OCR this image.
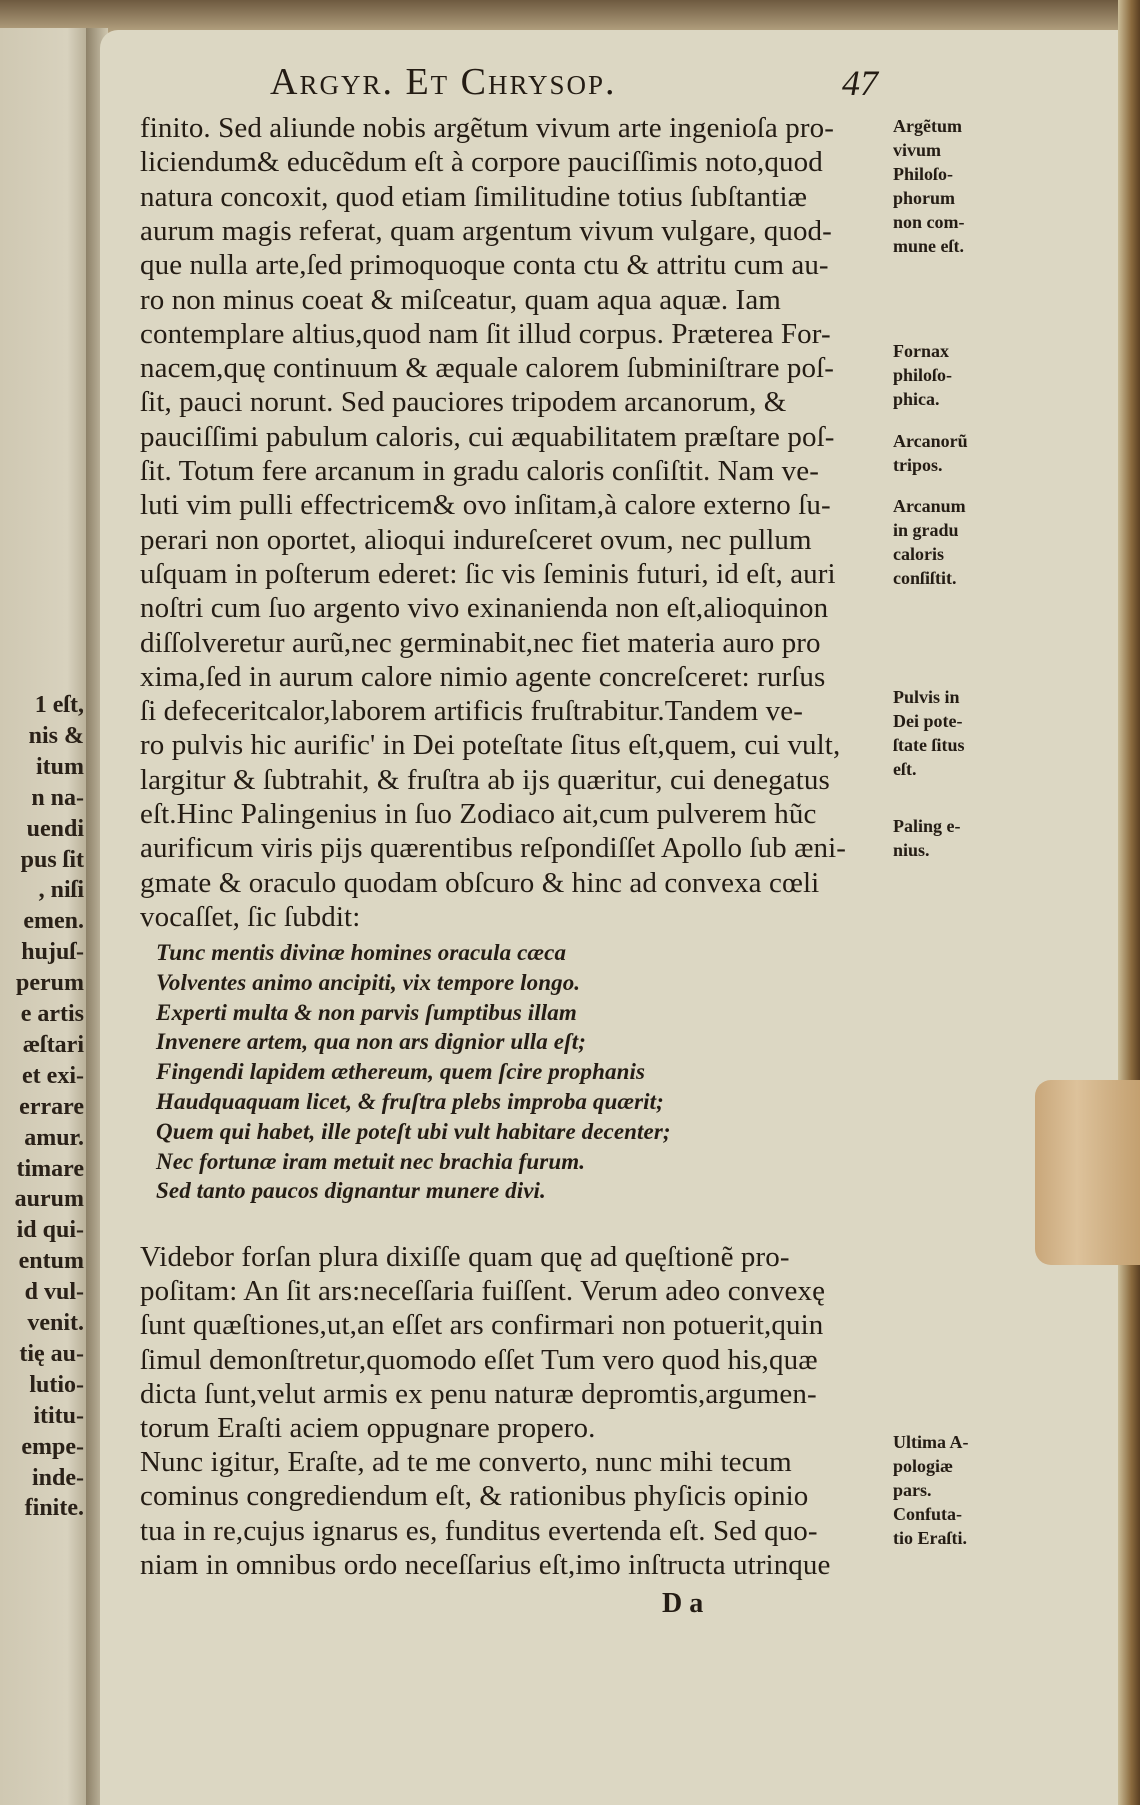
1 eſt,
nis &
itum
n na-
uendi
pus ſit
, niſi
emen.
hujuſ-
perum
e artis
æſtari
et exi-
errare
amur.
timare
aurum
id qui-
entum
d vul-
venit.
tię au-
lutio-
ititu-
empe-
inde-
finite.
Argyr. Et Chrysop.	47
finito. Sed aliunde nobis argẽtum vivum arte ingenioſa pro-
liciendum& educẽdum eſt à corpore pauciſſimis noto,quod
natura concoxit, quod etiam ſimilitudine totius ſubſtantiæ
aurum magis referat, quam argentum vivum vulgare, quod-
que nulla arte,ſed primoquoque conta ctu & attritu cum au-
ro non minus coeat & miſceatur, quam aqua aquæ. Iam
contemplare altius,quod nam ſit illud corpus. Præterea For-
nacem,quę continuum & æquale calorem ſubminiſtrare poſ-
ſit, pauci norunt. Sed pauciores tripodem arcanorum, &
pauciſſimi pabulum caloris, cui æquabilitatem præſtare poſ-
ſit. Totum fere arcanum in gradu caloris conſiſtit. Nam ve-
luti vim pulli effectricem& ovo inſitam,à calore externo ſu-
perari non oportet, alioqui indureſceret ovum, nec pullum
uſquam in poſterum ederet: ſic vis ſeminis futuri, id eſt, auri
noſtri cum ſuo argento vivo exinanienda non eſt,alioquinon
diſſolveretur aurũ,nec germinabit,nec fiet materia auro pro
xima,ſed in aurum calore nimio agente concreſceret: rurſus
ſi defeceritcalor,laborem artificis fruſtrabitur.Tandem ve-
ro pulvis hic aurific' in Dei poteſtate ſitus eſt,quem, cui vult,
largitur & ſubtrahit, & fruſtra ab ijs quæritur, cui denegatus
eſt.Hinc Palingenius in ſuo Zodiaco ait,cum pulverem hũc
aurificum viris pijs quærentibus reſpondiſſet Apollo ſub æni-
gmate & oraculo quodam obſcuro & hinc ad convexa cœli
vocaſſet, ſic ſubdit:
Tunc mentis divinæ homines oracula cæca
Volventes animo ancipiti, vix tempore longo.
Experti multa & non parvis ſumptibus illam
Invenere artem, qua non ars dignior ulla eſt;
Fingendi lapidem æthereum, quem ſcire prophanis
Haudquaquam licet, & fruſtra plebs improba quærit;
Quem qui habet, ille poteſt ubi vult habitare decenter;
Nec fortunæ iram metuit nec brachia furum.
Sed tanto paucos dignantur munere divi.
Videbor forſan plura dixiſſe quam quę ad quęſtionẽ pro-
poſitam: An ſit ars:neceſſaria fuiſſent. Verum adeo convexę
ſunt quæſtiones,ut,an eſſet ars confirmari non potuerit,quin
ſimul demonſtretur,quomodo eſſet Tum vero quod his,quæ
dicta ſunt,velut armis ex penu naturæ depromtis,argumen-
torum Eraſti aciem oppugnare propero.
Nunc igitur, Eraſte, ad te me converto, nunc mihi tecum
cominus congrediendum eſt, & rationibus phyſicis opinio
tua in re,cujus ignarus es, funditus evertenda eſt. Sed quo-
niam in omnibus ordo neceſſarius eſt,imo inſtructa utrinque
Argẽtum
vivum
Philoſo-
phorum
non com-
mune eſt.
Fornax
philoſo-
phica.
Arcanorũ
tripos.
Arcanum
in gradu
caloris
conſiſtit.
Pulvis in
Dei pote-
ſtate ſitus
eſt.
Paling e-
nius.
Ultima A-
pologiæ
pars.
Confuta-
tio Eraſti.
D a
